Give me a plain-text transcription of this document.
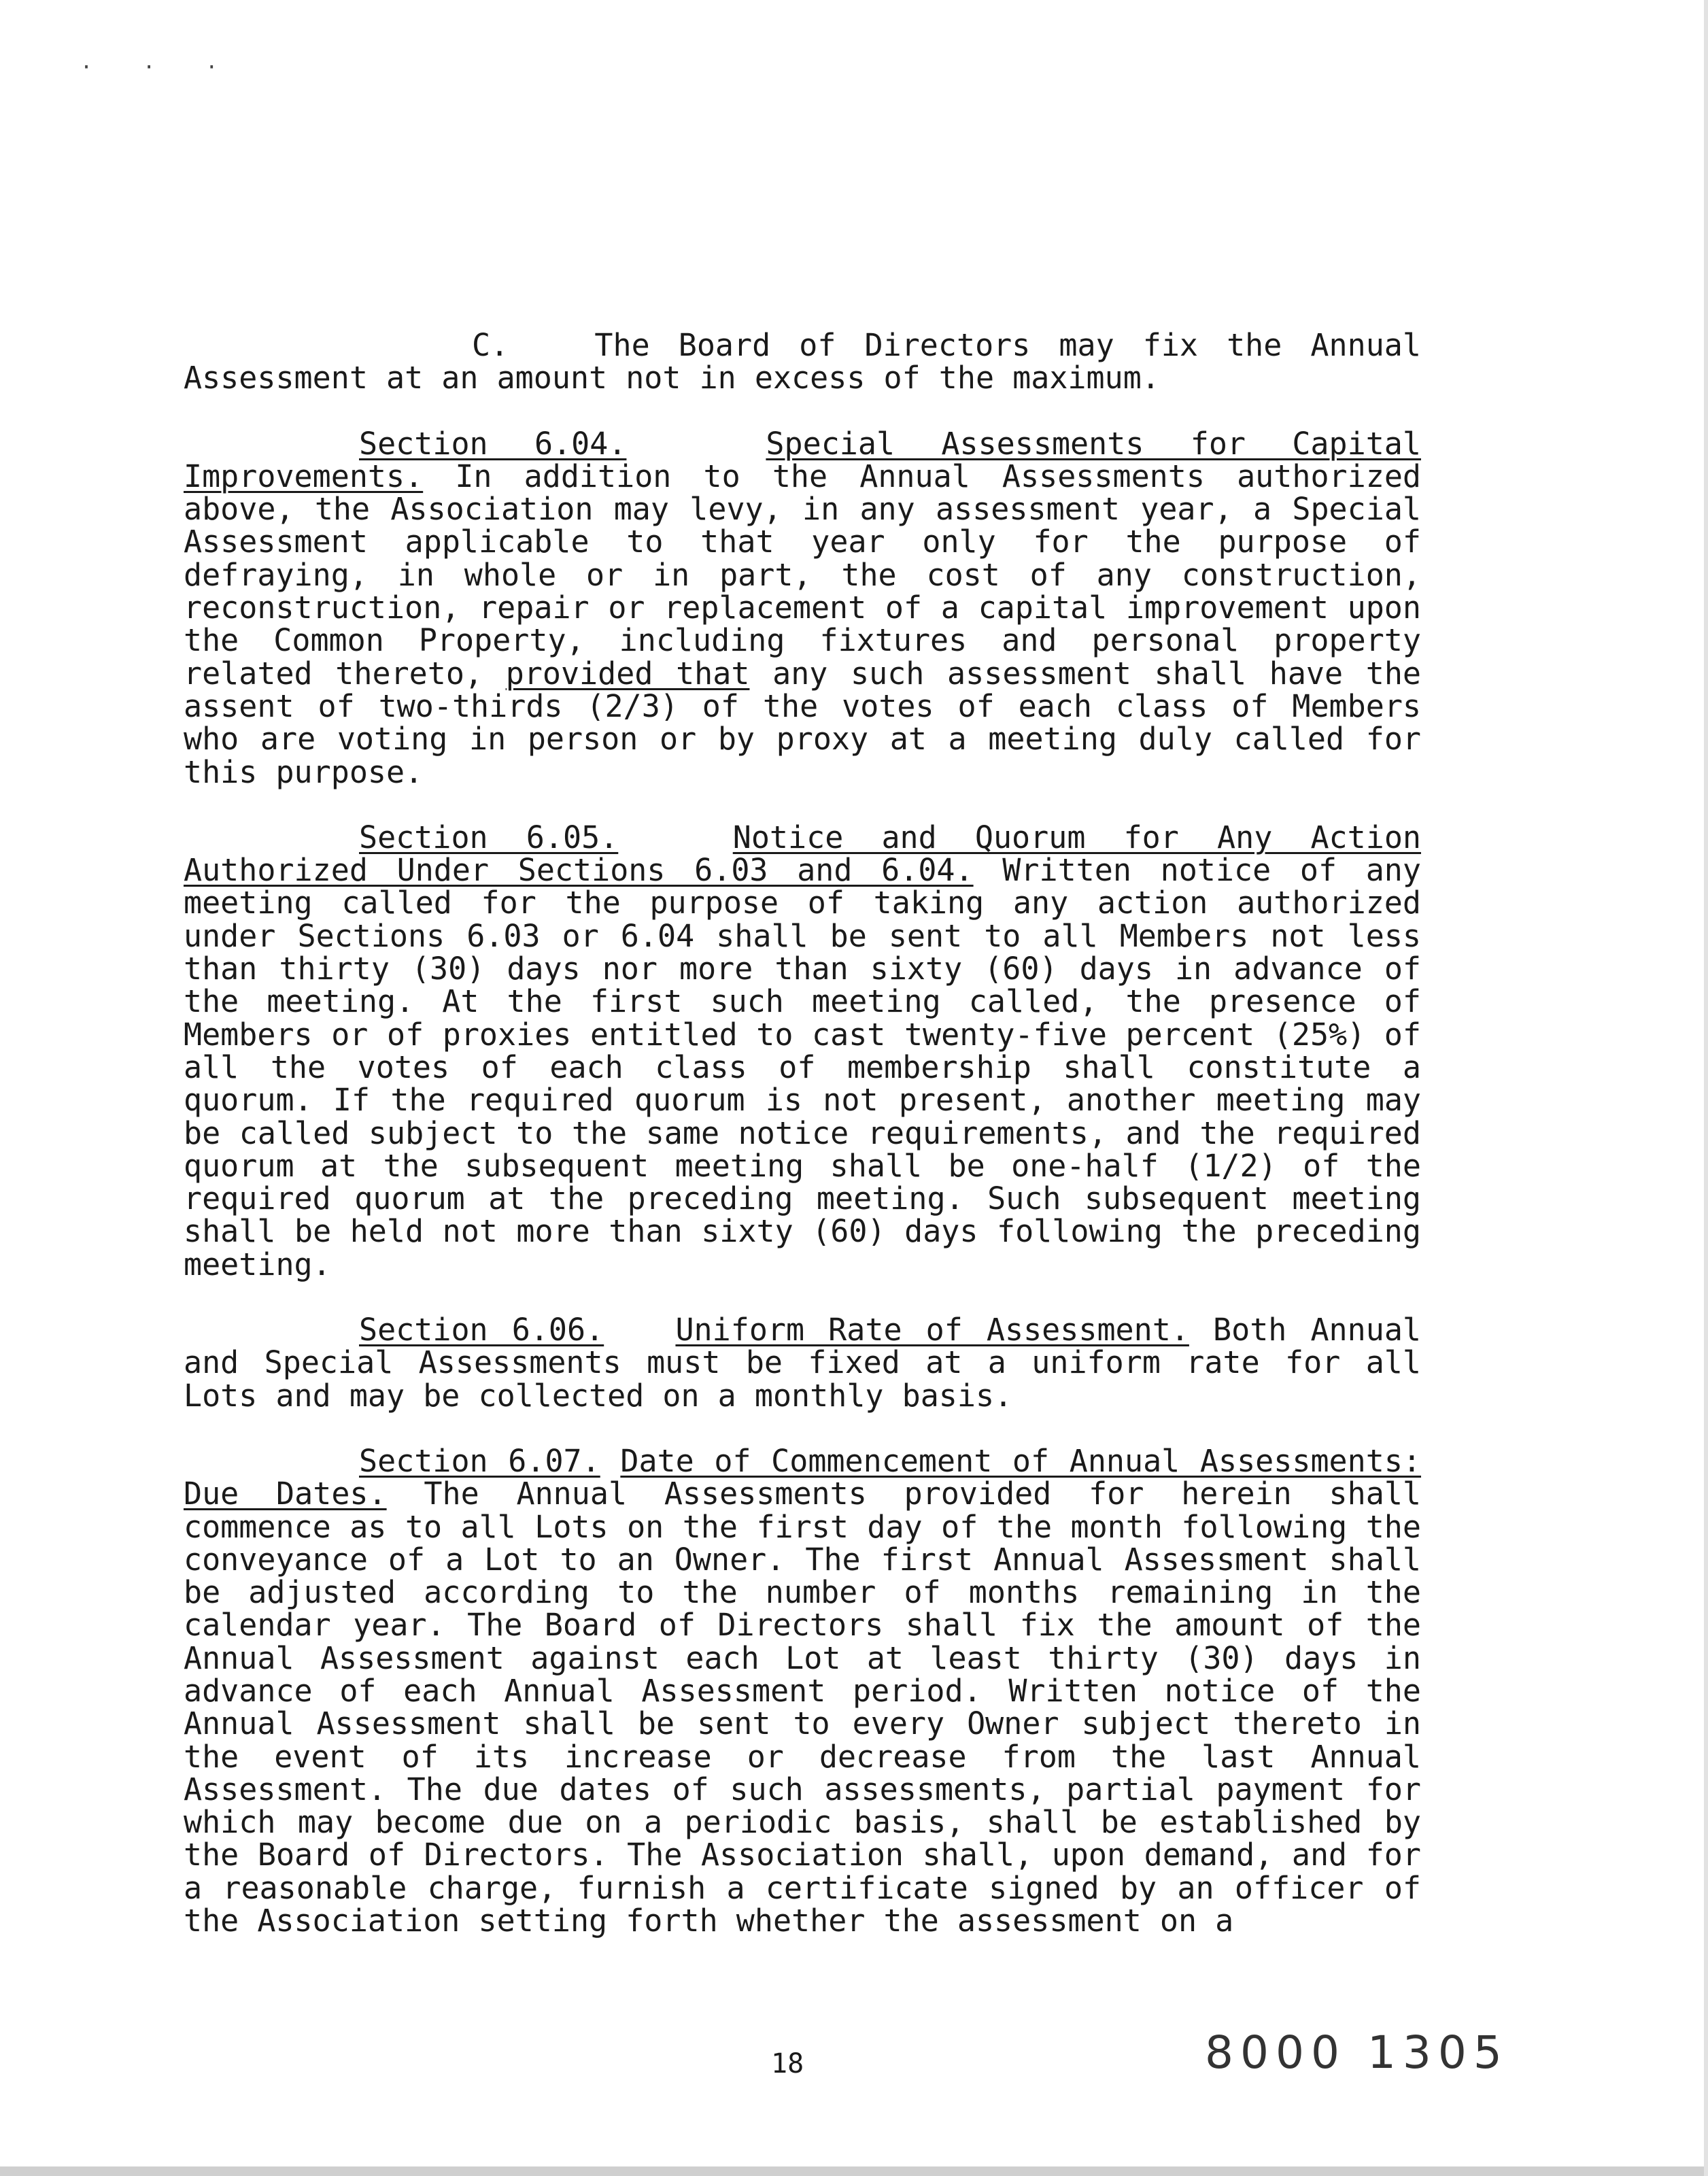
· · ·

C.	The Board of Directors may fix the Annual Assessment at an amount not in excess of the maximum.

Section 6.04.	Special Assessments for Capital Improvements. In addition to the Annual Assessments authorized above, the Association may levy, in any assessment year, a Special Assessment applicable to that year only for the purpose of defraying, in whole or in part, the cost of any construction, reconstruction, repair or replacement of a capital improvement upon the Common Property, including fixtures and personal property related thereto, provided that any such assessment shall have the assent of two-thirds (2/3) of the votes of each class of Members who are voting in person or by proxy at a meeting duly called for this purpose.

Section 6.05.	Notice and Quorum for Any Action Authorized Under Sections 6.03 and 6.04. Written notice of any meeting called for the purpose of taking any action authorized under Sections 6.03 or 6.04 shall be sent to all Members not less than thirty (30) days nor more than sixty (60) days in advance of the meeting. At the first such meeting called, the presence of Members or of proxies entitled to cast twenty-five percent (25%) of all the votes of each class of membership shall constitute a quorum. If the required quorum is not present, another meeting may be called subject to the same notice requirements, and the required quorum at the subsequent meeting shall be one-half (1/2) of the required quorum at the preceding meeting. Such subsequent meeting shall be held not more than sixty (60) days following the preceding meeting.

Section 6.06. Uniform Rate of Assessment. Both Annual and Special Assessments must be fixed at a uniform rate for all Lots and may be collected on a monthly basis.

Section 6.07. Date of Commencement of Annual Assessments: Due Dates. The Annual Assessments provided for herein shall commence as to all Lots on the first day of the month following the conveyance of a Lot to an Owner. The first Annual Assessment shall be adjusted according to the number of months remaining in the calendar year. The Board of Directors shall fix the amount of the Annual Assessment against each Lot at least thirty (30) days in advance of each Annual Assessment period. Written notice of the Annual Assessment shall be sent to every Owner subject thereto in the event of its increase or decrease from the last Annual Assessment. The due dates of such assessments, partial payment for which may become due on a periodic basis, shall be established by the Board of Directors. The Association shall, upon demand, and for a reasonable charge, furnish a certificate signed by an officer of the Association setting forth whether the assessment on a

18	8000 1305
